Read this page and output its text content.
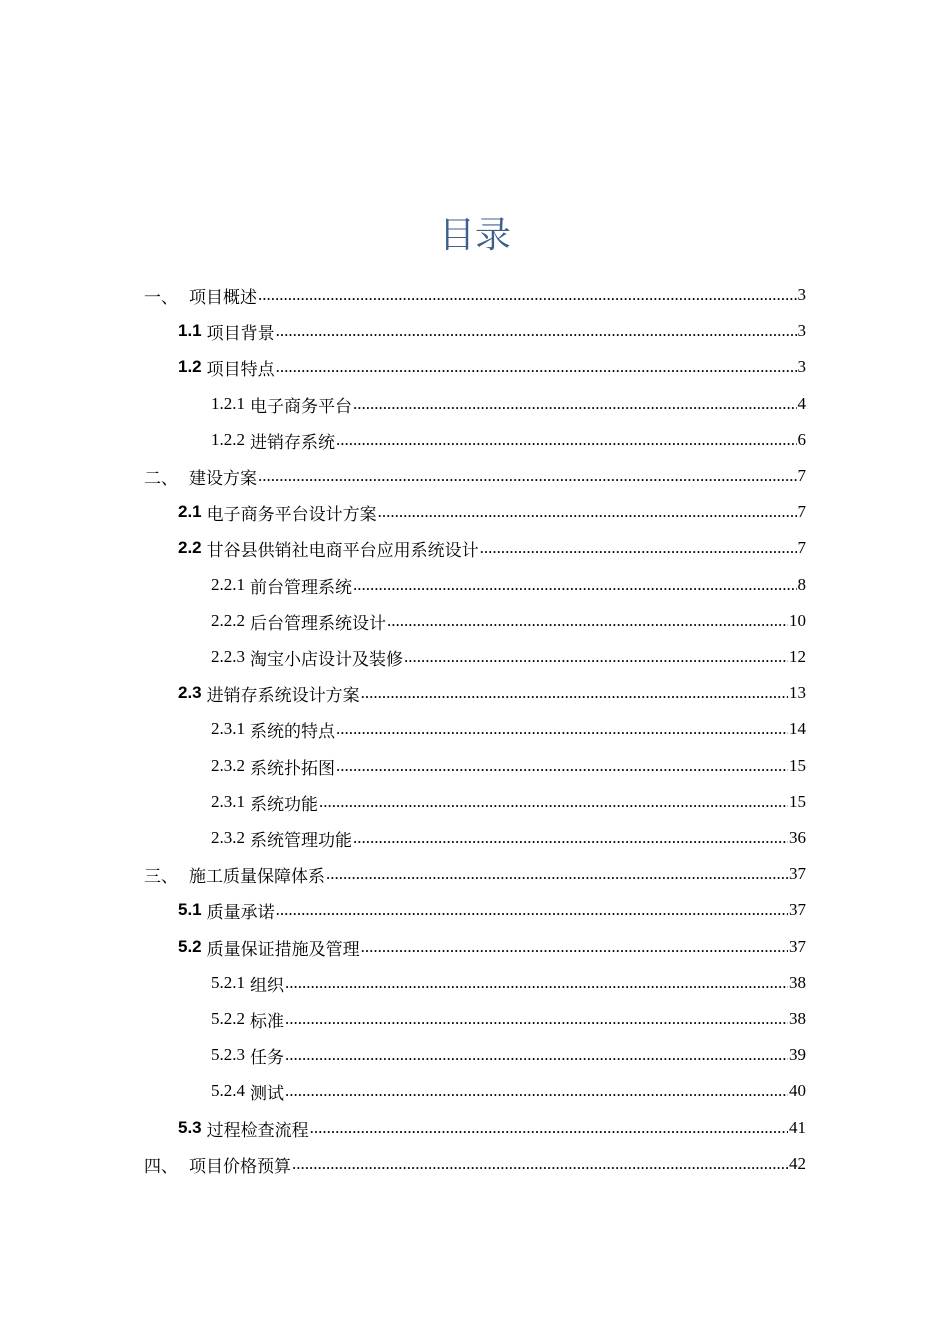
目录
一、 项目概述 .....	3
1.1 项目背景 .....	3
1.2 项目特点 .....	3
1.2.1 电子商务平台 .....	4
1.2.2 进销存系统 .....	6
二、 建设方案 .....	7
2.1 电子商务平台设计方案 .....	7
2.2 甘谷县供销社电商平台应用系统设计 .....	7
2.2.1 前台管理系统 .....	8
2.2.2 后台管理系统设计 .....	10
2.2.3 淘宝小店设计及装修 .....	12
2.3 进销存系统设计方案 .....	13
2.3.1 系统的特点 .....	14
2.3.2 系统扑拓图 .....	15
2.3.1 系统功能 .....	15
2.3.2 系统管理功能 .....	36
三、 施工质量保障体系 .....	37
5.1 质量承诺 .....	37
5.2 质量保证措施及管理 .....	37
5.2.1 组织 .....	38
5.2.2 标准 .....	38
5.2.3 任务 .....	39
5.2.4 测试 .....	40
5.3 过程检查流程 .....	41
四、 项目价格预算 .....	42
